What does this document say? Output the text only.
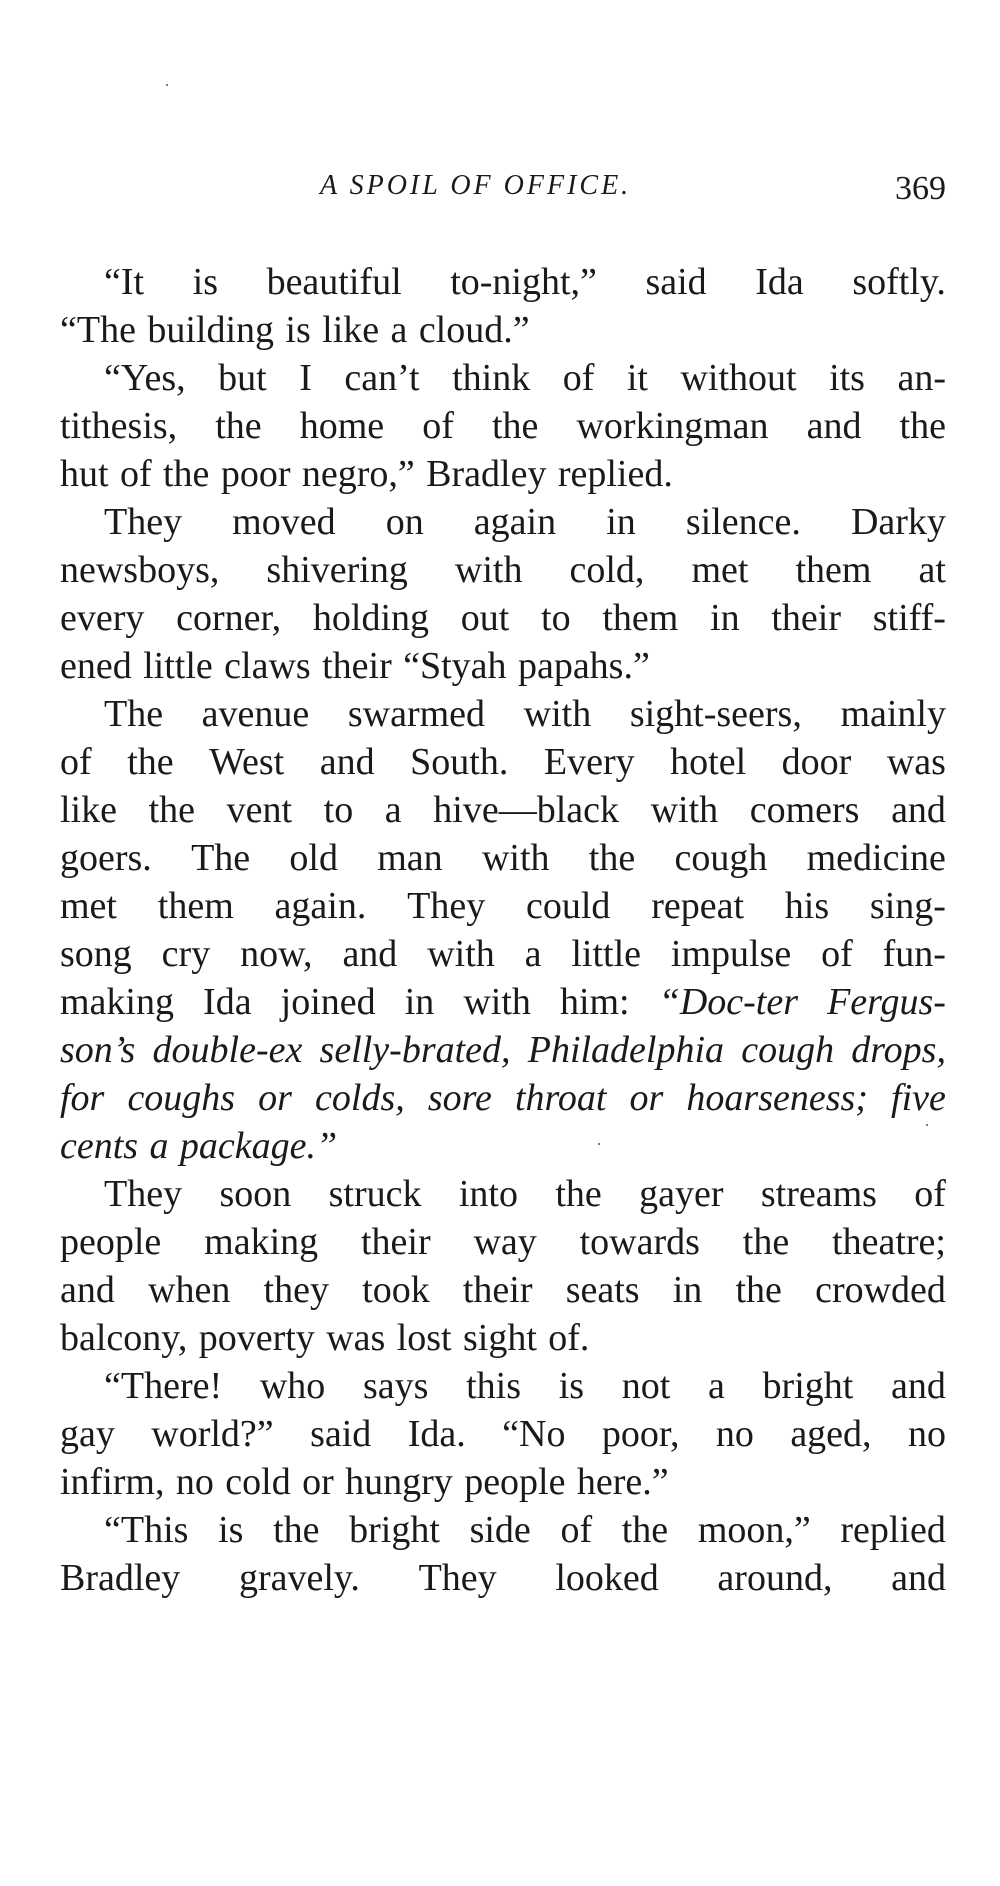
A SPOIL OF OFFICE.	369
“It is beautiful to-night,” said Ida softly.
“The building is like a cloud.”
“Yes, but I can’t think of it without its an-
tithesis, the home of the workingman and the
hut of the poor negro,” Bradley replied.
They moved on again in silence. Darky
newsboys, shivering with cold, met them at
every corner, holding out to them in their stiff-
ened little claws their “Styah papahs.”
The avenue swarmed with sight-seers, mainly
of the West and South. Every hotel door was
like the vent to a hive—black with comers and
goers. The old man with the cough medicine
met them again. They could repeat his sing-
song cry now, and with a little impulse of fun-
making Ida joined in with him: “Doc-ter Fergus-
son’s double-ex selly-brated, Philadelphia cough drops,
for coughs or colds, sore throat or hoarseness; five
cents a package.”
They soon struck into the gayer streams of
people making their way towards the theatre;
and when they took their seats in the crowded
balcony, poverty was lost sight of.
“There! who says this is not a bright and
gay world?” said Ida. “No poor, no aged, no
infirm, no cold or hungry people here.”
“This is the bright side of the moon,” replied
Bradley gravely. They looked around, and
